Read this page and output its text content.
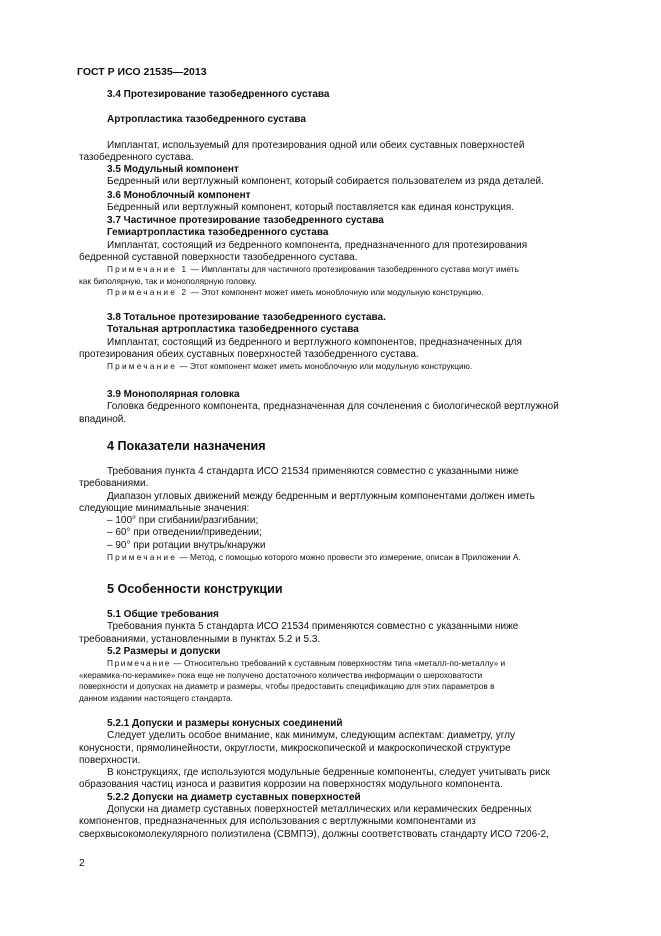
ГОСТ Р ИСО 21535—2013

3.4 Протезирование тазобедренного сустава

Артропластика тазобедренного сустава

Имплантат, используемый для протезирования одной или обеих суставных поверхностей

тазобедренного сустава.

3.5 Модульный компонент

Бедренный или вертлужный компонент, который собирается пользователем из ряда деталей.

3.6 Моноблочный компонент

Бедренный или вертлужный компонент, который поставляется как единая конструкция.

3.7 Частичное протезирование тазобедренного сустава

Гемиартропластика тазобедренного сустава

Имплантат, состоящий из бедренного компонента, предназначенного для протезирования

бедренной суставной поверхности тазобедренного сустава.

Примечание 1 — Имплантаты для частичного протезирования тазобедренного сустава могут иметь

как биполярную, так и монополярную головку.

Примечание 2 — Этот компонент может иметь моноблочную или модульную конструкцию.

3.8 Тотальное протезирование тазобедренного сустава.

Тотальная артропластика тазобедренного сустава

Имплантат, состоящий из бедренного и вертлужного компонентов, предназначенных для

протезирования обеих суставных поверхностей тазобедренного сустава.

Примечание — Этот компонент может иметь моноблочную или модульную конструкцию.

3.9 Монополярная головка

Головка бедренного компонента, предназначенная для сочленения с биологической вертлужной

впадиной.

4 Показатели назначения

Требования пункта 4 стандарта ИСО 21534 применяются совместно с указанными ниже

требованиями.

Диапазон угловых движений между бедренным и вертлужным компонентами должен иметь

следующие минимальные значения:

– 100° при сгибании/разгибании;

– 60° при отведении/приведении;

– 90° при ротации внутрь/кнаружи

Примечание — Метод, с помощью которого можно провести это измерение, описан в Приложении А.

5 Особенности конструкции

5.1 Общие требования

Требования пункта 5 стандарта ИСО 21534 применяются совместно с указанными ниже

требованиями, установленными в пунктах 5.2 и 5.3.

5.2 Размеры и допуски

Примечание — Относительно требований к суставным поверхностям типа «металл-по-металлу» и

«керамика-по-керамике» пока еще не получено достаточного количества информации о шероховатости

поверхности и допусках на диаметр и размеры, чтобы предоставить спецификацию для этих параметров в

данном издании настоящего стандарта.

5.2.1 Допуски и размеры конусных соединений

Следует уделить особое внимание, как минимум, следующим аспектам: диаметру, углу

конусности, прямолинейности, округлости, микроскопической и макроскопической структуре

поверхности.

В конструкциях, где используются модульные бедренные компоненты, следует учитывать риск

образования частиц износа и развития коррозии на поверхностях модульного компонента.

5.2.2 Допуски на диаметр суставных поверхностей

Допуски на диаметр суставных поверхностей металлических или керамических бедренных

компонентов, предназначенных для использования с вертлужными компонентами из

сверхвысокомолекулярного полиэтилена (СВМПЭ), должны соответствовать стандарту ИСО 7206-2,

2
